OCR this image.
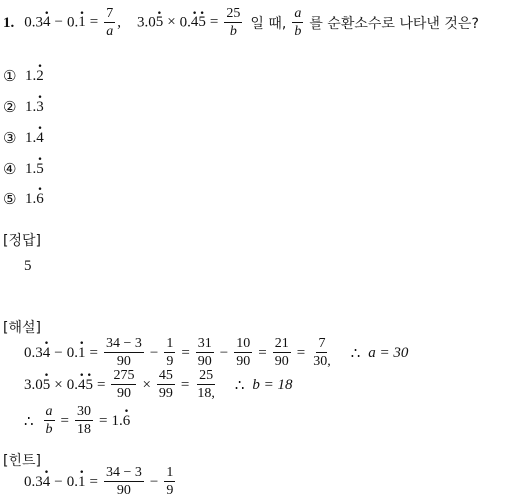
1. $0.3\cdot 4 - 0.\cdot 1 = \frac{7}{a}$ , $3.0\cdot 5 \times 0.\cdot 4\cdot 5 = \frac{25}{b}$ 일 때, $\frac{a}{b}$ 를 순환소수로 나타낸 것은?
① 1.· 2
② 1.· 3
③ 1.· 4
④ 1.· 5
⑤ 1.· 6
[정답]
5
[해설]
0.3
· 4 − 0.
· $1 = \frac{34 - 3}{90} - \frac{1}{9} = \frac{31}{90} - \frac{10}{90} = \frac{21}{90} = \frac{7}{30,}$ ∴ a = 30
3.0
· 5 × 0.
· 4
· $5 = \frac{275}{90} \times \frac{45}{99} = \frac{25}{18,}$ ∴ b = 18
∴ $\frac{a}{b} = \frac{30}{18} = 1$.
· 6
[힌트]
0.3
· 4 − 0.
· $1 = \frac{34 - 3}{90} - \frac{1}{9}$
